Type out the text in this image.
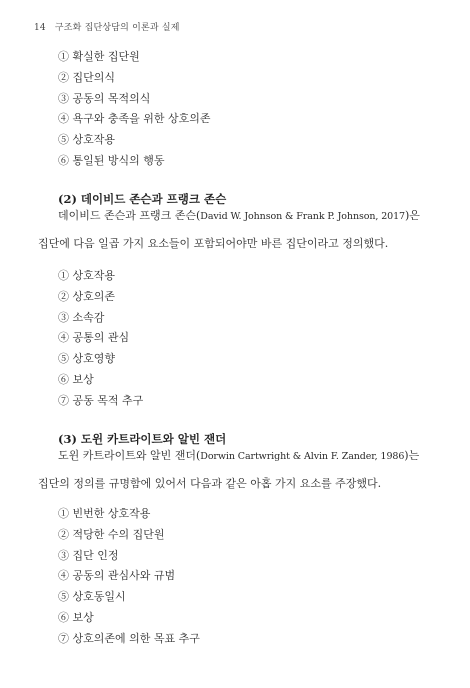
14 구조화 집단상담의 이론과 실제
① 확실한 집단원
② 집단의식
③ 공동의 목적의식
④ 욕구와 충족을 위한 상호의존
⑤ 상호작용
⑥ 통일된 방식의 행동
(2) 데이비드 존슨과 프랭크 존슨

데이비드 존슨과 프랭크 존슨(David W. Johnson & Frank P. Johnson, 2017)은 집단에 다음 일곱 가지 요소들이 포함되어야만 바른 집단이라고 정의했다.

① 상호작용
② 상호의존
③ 소속감
④ 공통의 관심
⑤ 상호영향
⑥ 보상
⑦ 공동 목적 추구
(3) 도윈 카트라이트와 알빈 잰더

도윈 카트라이트와 알빈 잰더(Dorwin Cartwright & Alvin F. Zander, 1986)는 집단의 정의를 규명함에 있어서 다음과 같은 아홉 가지 요소를 주장했다.

① 빈번한 상호작용
② 적당한 수의 집단원
③ 집단 인정
④ 공동의 관심사와 규범
⑤ 상호동일시
⑥ 보상
⑦ 상호의존에 의한 목표 추구
